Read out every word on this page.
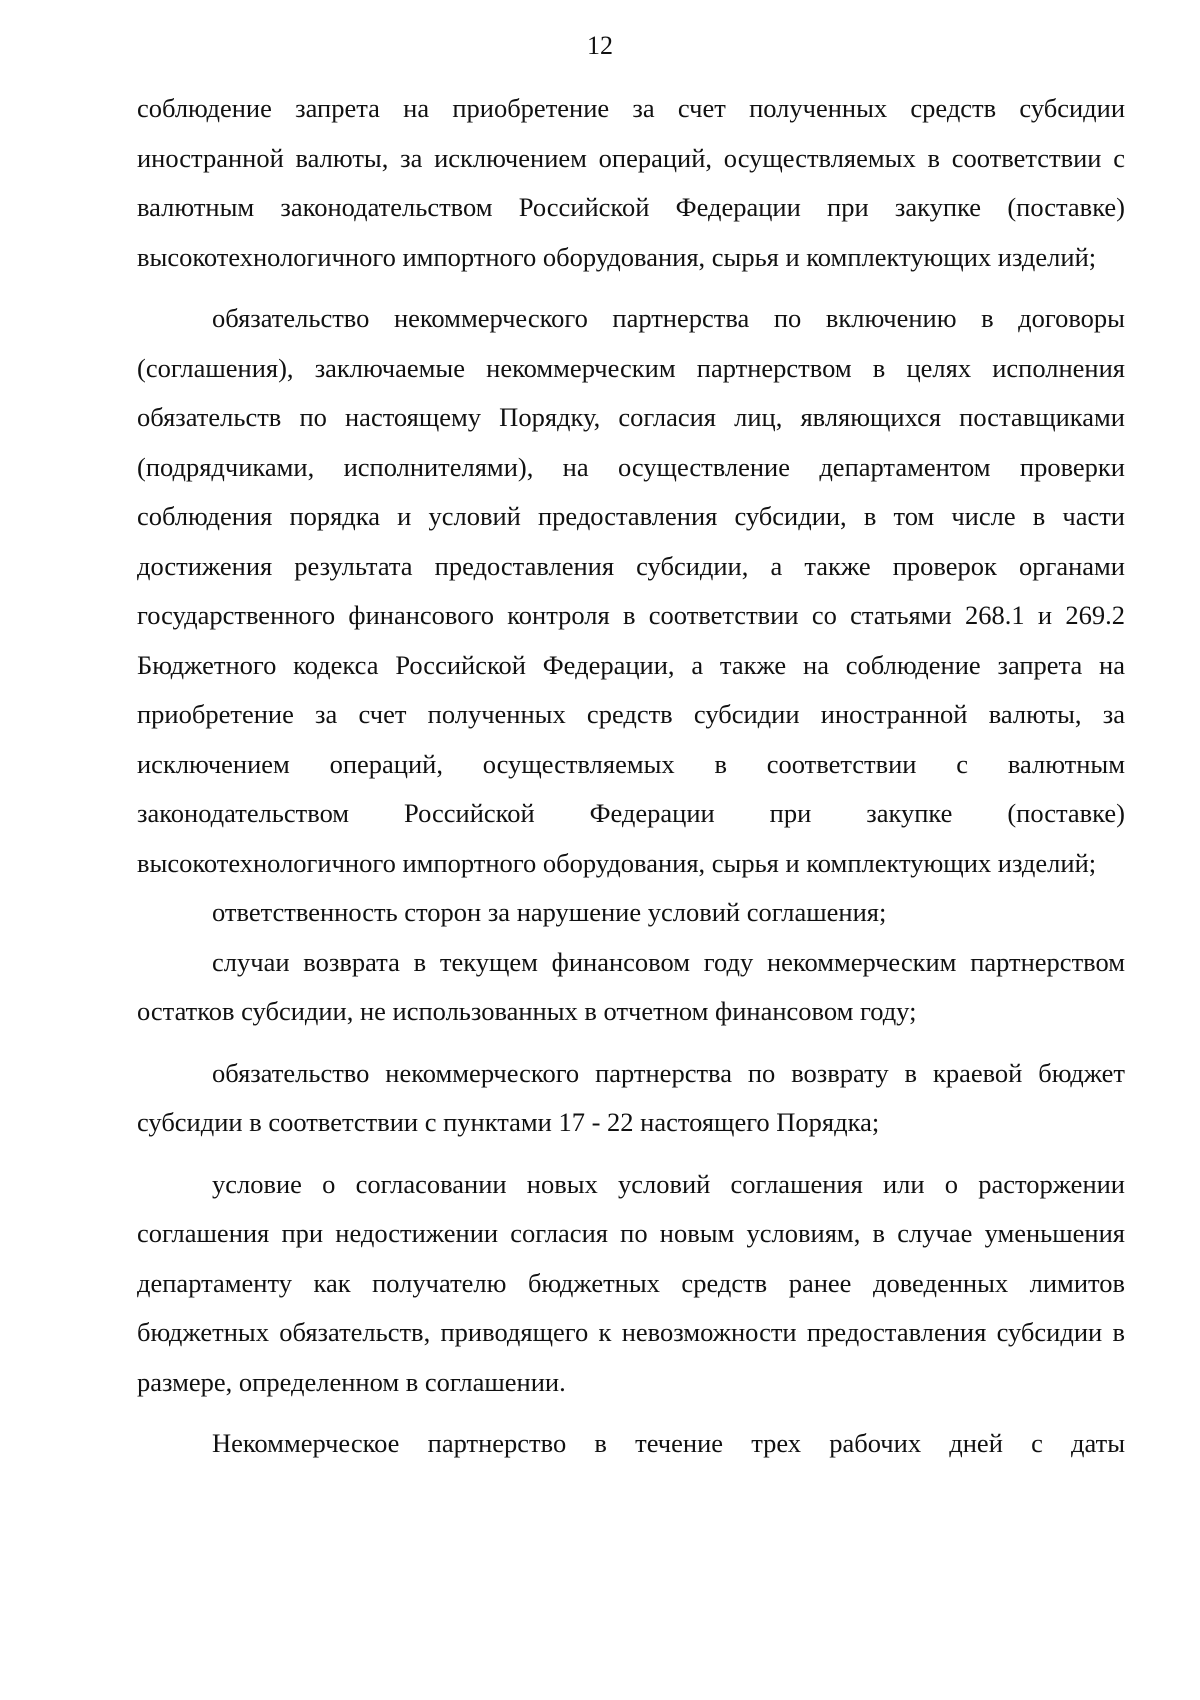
12

соблюдение запрета на приобретение за счет полученных средств субсидии иностранной валюты, за исключением операций, осуществляемых в соответствии с валютным законодательством Российской Федерации при закупке (поставке) высокотехнологичного импортного оборудования, сырья и комплектующих изделий;

обязательство некоммерческого партнерства по включению в договоры (соглашения), заключаемые некоммерческим партнерством в целях исполнения обязательств по настоящему Порядку, согласия лиц, являющихся поставщиками (подрядчиками, исполнителями), на осуществление департаментом проверки соблюдения порядка и условий предоставления субсидии, в том числе в части достижения результата предоставления субсидии, а также проверок органами государственного финансового контроля в соответствии со статьями 268.1 и 269.2 Бюджетного кодекса Российской Федерации, а также на соблюдение запрета на приобретение за счет полученных средств субсидии иностранной валюты, за исключением операций, осуществляемых в соответствии с валютным законодательством Российской Федерации при закупке (поставке) высокотехнологичного импортного оборудования, сырья и комплектующих изделий;

ответственность сторон за нарушение условий соглашения;

случаи возврата в текущем финансовом году некоммерческим партнерством остатков субсидии, не использованных в отчетном финансовом году;

обязательство некоммерческого партнерства по возврату в краевой бюджет субсидии в соответствии с пунктами 17 - 22 настоящего Порядка;

условие о согласовании новых условий соглашения или о расторжении соглашения при недостижении согласия по новым условиям, в случае уменьшения департаменту как получателю бюджетных средств ранее доведенных лимитов бюджетных обязательств, приводящего к невозможности предоставления субсидии в размере, определенном в соглашении.

Некоммерческое партнерство в течение трех рабочих дней с даты
